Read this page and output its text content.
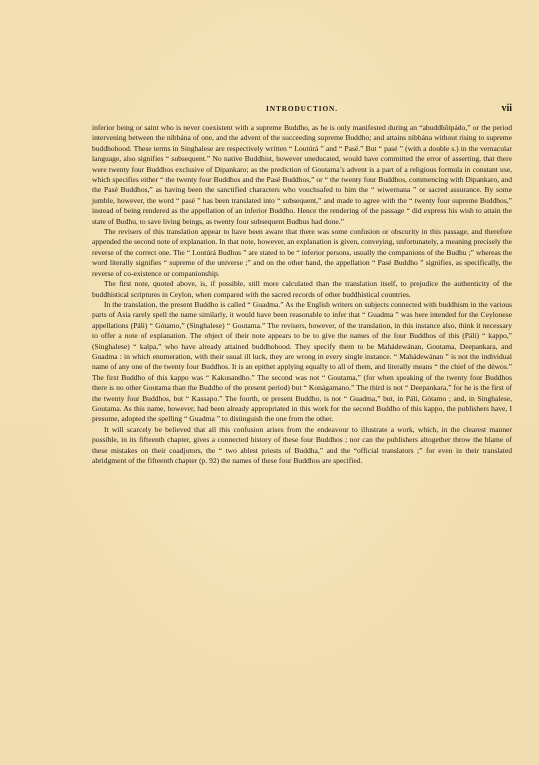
INTRODUCTION.	vii

inferior being or saint who is never coexistent with a supreme Buddho, as he is only manifested during an “abuddhôtpádo,” or the period intervening between the nibbána of one, and the advent of the succeeding supreme Buddho; and attains nibbána without rising to supreme buddhohood. These terms in Singhalese are respectively written “ Loutúrá ” and “ Pasé.” But “ pasé ” (with a double s.) in the vernacular language, also signifies “ subsequent.” No native Buddhist, however uneducated, would have committed the error of asserting, that there were twenty four Buddhos exclusive of Dipankaro; as the prediction of Goutama’s advent is a part of a religious formula in constant use, which specifies either “ the twenty four Buddhos and the Pasé Buddhos,” or “ the twenty four Buddhos, commencing with Dipankaro, and the Pasé Buddhos,” as having been the sanctified characters who vouchsafed to him the “ wiwernana ” or sacred assurance. By some jumble, however, the word “ pasé ” has been translated into “ subsequent,” and made to agree with the “ twenty four supreme Buddhos,” instead of being rendered as the appellation of an inferior Buddho. Hence the rendering of the passage “ did express his wish to attain the state of Budhu, to save living beings, as twenty four subsequent Budhus had done.”

The revisers of this translation appear to have been aware that there was some confusion or obscurity in this passage, and therefore appended the second note of explanation. In that note, however, an explanation is given, conveying, unfortunately, a meaning precisely the reverse of the correct one. The “ Loutúrá Budhus ” are stated to be “ inferior persons, usually the companions of the Budhu ;” whereas the word literally signifies “ supreme of the universe ;” and on the other hand, the appellation “ Pasé Buddho ” signifies, as specifically, the reverse of co-existence or companionship.

The first note, quoted above, is, if possible, still more calculated than the translation itself, to prejudice the authenticity of the buddhistical scriptures in Ceylon, when compared with the sacred records of other buddhistical countries.

In the translation, the present Buddho is called “ Guadma.” As the English writers on subjects connected with buddhism in the various parts of Asia rarely spell the name similarly, it would have been reasonable to infer that “ Guadma ” was here intended for the Ceylonese appellations (Páli) “ Gótamo,” (Singhalese) “ Goutama.” The revisers, however, of the translation, in this instance also, think it necessary to offer a note of explanation. The object of their note appears to be to give the names of the four Buddhos of this (Páli) “ kappo,” (Singhalese) “ kalpa,” who have already attained buddhohood. They specify them to be Mahádewánan, Goutama, Deepankara, and Guadma : in which enumeration, with their usual ill luck, they are wrong in every single instance. “ Mahádewánan ” is not the individual name of any one of the twenty four Buddhos. It is an epithet applying equally to all of them, and literally means “ the chief of the déwos.” The first Buddho of this kappo was “ Kakusandho.” The second was not “ Goutama,” (for when speaking of the twenty four Buddhos there is no other Goutama than the Buddho of the present period) but “ Konágamano.” The third is not “ Deepankara,” for he is the first of the twenty four Buddhos, but “ Kassapo.” The fourth, or present Buddho, is not “ Guadma,” but, in Páli, Gótamo ; and, in Singhalese, Goutama. As this name, however, had been already appropriated in this work for the second Buddho of this kappo, the publishers have, I presume, adopted the spelling “ Guadma ” to distinguish the one from the other.

It will scarcely be believed that all this confusion arises from the endeavour to illustrate a work, which, in the clearest manner possible, in its fifteenth chapter, gives a connected history of these four Buddhos ; nor can the publishers altogether throw the blame of these mistakes on their coadjutors, the “ two ablest priests of Buddha,” and the “official translators ;” for even in their translated abridgment of the fifteenth chapter (p. 92) the names of these four Buddhos are specified.
